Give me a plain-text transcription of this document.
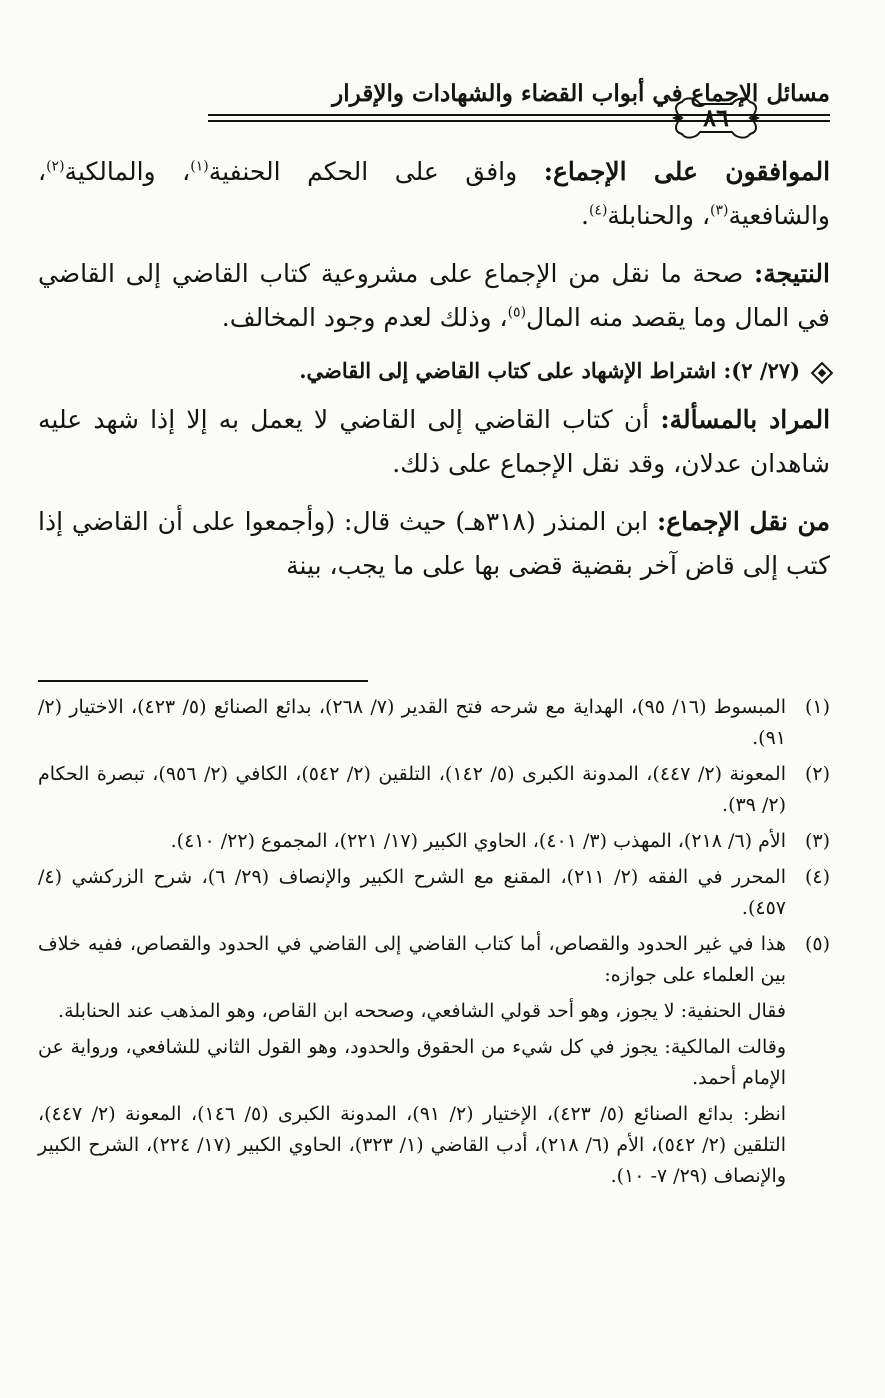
مسائل الإجماع في أبواب القضاء والشهادات والإقرار
٨٦

الموافقون على الإجماع: وافق على الحكم الحنفية$^{(١)}$، والمالكية$^{(٢)}$، والشافعية$^{(٣)}$، والحنابلة$^{(٤)}$.

النتيجة: صحة ما نقل من الإجماع على مشروعية كتاب القاضي إلى القاضي في المال وما يقصد منه المال$^{(٥)}$، وذلك لعدم وجود المخالف.

(٢٧/ ٢): اشتراط الإشهاد على كتاب القاضي إلى القاضي.

المراد بالمسألة: أن كتاب القاضي إلى القاضي لا يعمل به إلا إذا شهد عليه شاهدان عدلان، وقد نقل الإجماع على ذلك.

من نقل الإجماع: ابن المنذر (٣١٨هـ) حيث قال: (وأجمعوا على أن القاضي إذا كتب إلى قاض آخر بقضية قضى بها على ما يجب، بينة

(١)
المبسوط (١٦/ ٩٥)، الهداية مع شرحه فتح القدير (٧/ ٢٦٨)، بدائع الصنائع (٥/ ٤٢٣)، الاختيار (٢/ ٩١).
(٢)
المعونة (٢/ ٤٤٧)، المدونة الكبرى (٥/ ١٤٢)، التلقين (٢/ ٥٤٢)، الكافي (٢/ ٩٥٦)، تبصرة الحكام (٢/ ٣٩).
(٣)
الأم (٦/ ٢١٨)، المهذب (٣/ ٤٠١)، الحاوي الكبير (١٧/ ٢٢١)، المجموع (٢٢/ ٤١٠).
(٤)
المحرر في الفقه (٢/ ٢١١)، المقنع مع الشرح الكبير والإنصاف (٢٩/ ٦)، شرح الزركشي (٤/ ٤٥٧).
(٥)

هذا في غير الحدود والقصاص، أما كتاب القاضي إلى القاضي في الحدود والقصاص، ففيه خلاف بين العلماء على جوازه:

فقال الحنفية: لا يجوز، وهو أحد قولي الشافعي، وصححه ابن القاص، وهو المذهب عند الحنابلة.

وقالت المالكية: يجوز في كل شيء من الحقوق والحدود، وهو القول الثاني للشافعي، ورواية عن الإمام أحمد.

انظر: بدائع الصنائع (٥/ ٤٢٣)، الإختيار (٢/ ٩١)، المدونة الكبرى (٥/ ١٤٦)، المعونة (٢/ ٤٤٧)، التلقين (٢/ ٥٤٢)، الأم (٦/ ٢١٨)، أدب القاضي (١/ ٣٢٣)، الحاوي الكبير (١٧/ ٢٢٤)، الشرح الكبير والإنصاف (٢٩/ ٧- ١٠).
